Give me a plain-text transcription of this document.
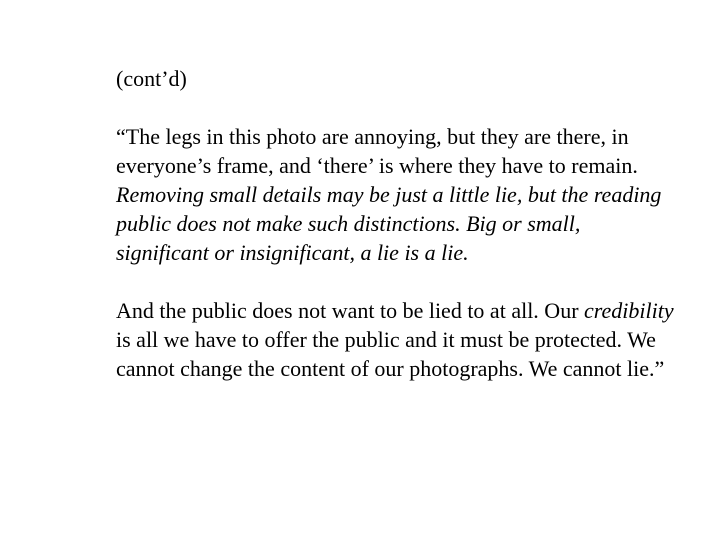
(cont’d)
“The legs in this photo are annoying, but they are there, in everyone’s frame, and ‘there’ is where they have to remain. Removing small details may be just a little lie, but the reading public does not make such distinctions. Big or small, significant or insignificant, a lie is a lie.
And the public does not want to be lied to at all. Our credibility is all we have to offer the public and it must be protected. We cannot change the content of our photographs. We cannot lie.”
